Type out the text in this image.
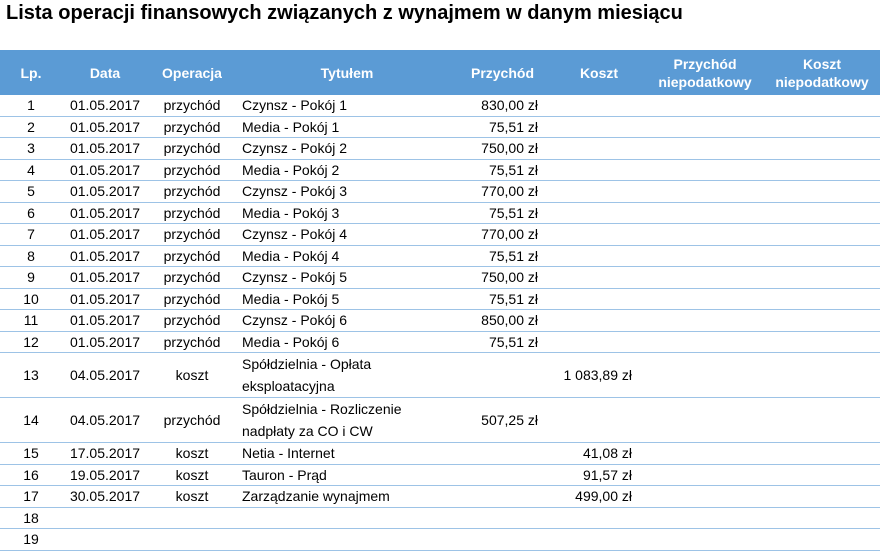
Lista operacji finansowych związanych z wynajmem w danym miesiącu
Lp.	Data	Operacja	Tytułem	Przychód	Koszt	Przychód niepodatkowy	Koszt niepodatkowy
1	01.05.2017	przychód	Czynsz - Pokój 1	830,00 zł			
2	01.05.2017	przychód	Media - Pokój 1	75,51 zł			
3	01.05.2017	przychód	Czynsz - Pokój 2	750,00 zł			
4	01.05.2017	przychód	Media - Pokój 2	75,51 zł			
5	01.05.2017	przychód	Czynsz - Pokój 3	770,00 zł			
6	01.05.2017	przychód	Media - Pokój 3	75,51 zł			
7	01.05.2017	przychód	Czynsz - Pokój 4	770,00 zł			
8	01.05.2017	przychód	Media - Pokój 4	75,51 zł			
9	01.05.2017	przychód	Czynsz - Pokój 5	750,00 zł			
10	01.05.2017	przychód	Media - Pokój 5	75,51 zł			
11	01.05.2017	przychód	Czynsz - Pokój 6	850,00 zł			
12	01.05.2017	przychód	Media - Pokój 6	75,51 zł			
13	04.05.2017	koszt	Spółdzielnia - Opłata eksploatacyjna		1 083,89 zł		
14	04.05.2017	przychód	Spółdzielnia - Rozliczenie nadpłaty za CO i CW	507,25 zł			
15	17.05.2017	koszt	Netia - Internet		41,08 zł		
16	19.05.2017	koszt	Tauron - Prąd		91,57 zł		
17	30.05.2017	koszt	Zarządzanie wynajmem		499,00 zł		
18							
19							
